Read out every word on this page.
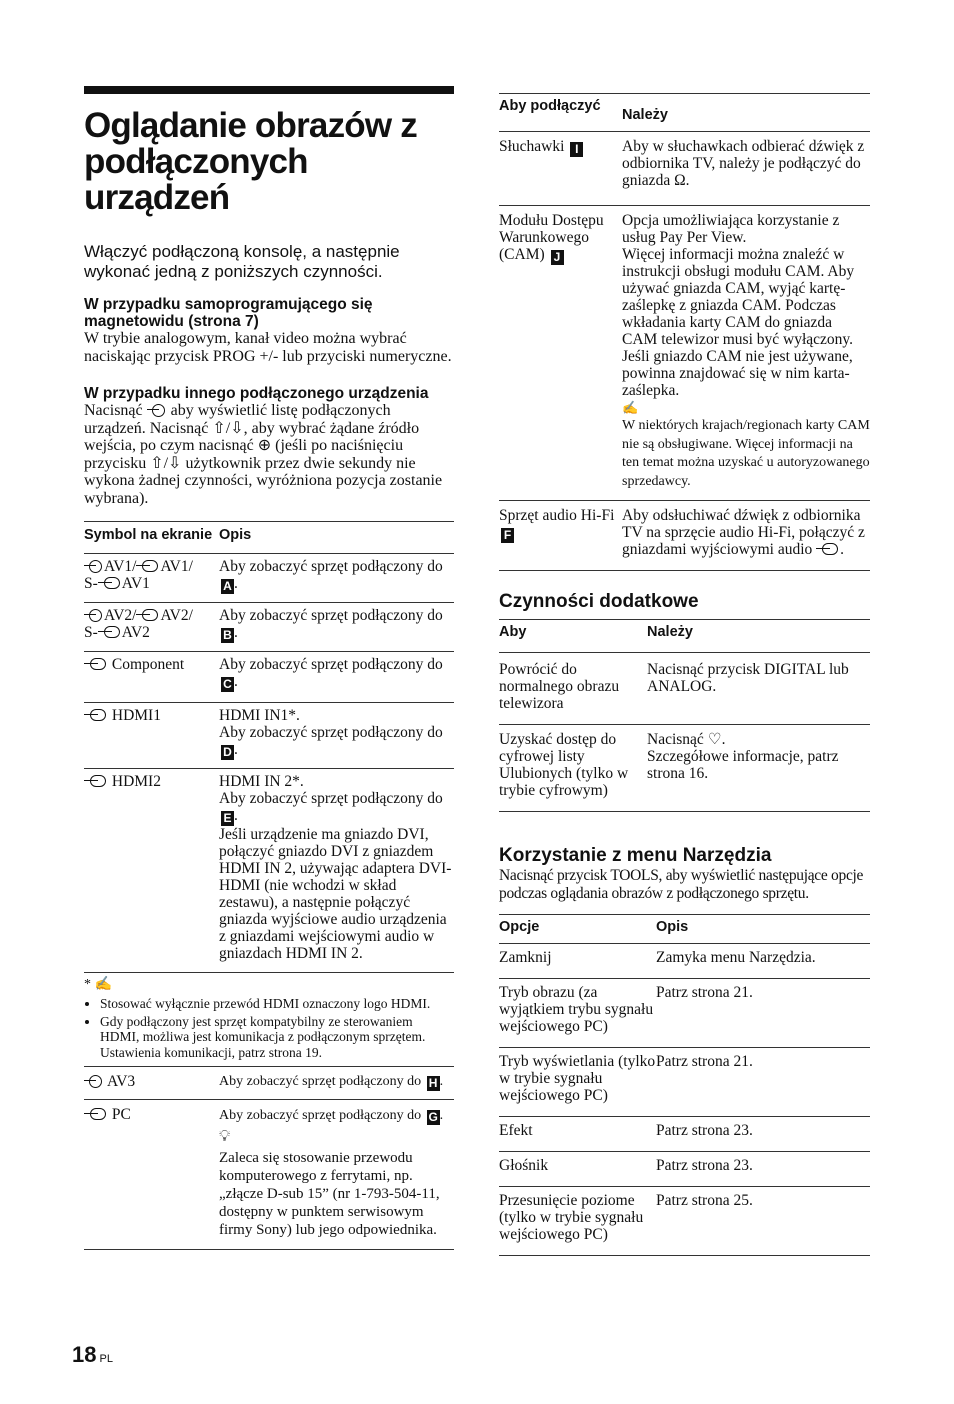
Oglądanie obrazów z podłączonych urządzeń
Włączyć podłączoną konsolę, a następnie wykonać jedną z poniższych czynności.
W przypadku samoprogramującego się magnetowidu (strona 7)

W trybie analogowym, kanał video można wybrać naciskając przycisk PROG +/- lub przyciski numeryczne.

W przypadku innego podłączonego urządzenia

Nacisnąć aby wyświetlić listę podłączonych urządzeń. Nacisnąć ⇧/⇩, aby wybrać żądane źródło wejścia, po czym nacisnąć ⊕ (jeśli po naciśnięciu przycisku ⇧/⇩ użytkownik przez dwie sekundy nie wykona żadnej czynności, wyróżniona pozycja zostanie wybrana).

Symbol na ekranie	Opis
AV1/ AV1/
S- AV1	Aby zobaczyć sprzęt podłączony do A .
AV2/ AV2/
S- AV2	Aby zobaczyć sprzęt podłączony do B .
Component	Aby zobaczyć sprzęt podłączony do C .
HDMI1	HDMI IN1*.
Aby zobaczyć sprzęt podłączony do D .
HDMI2	HDMI IN 2*.
Aby zobaczyć sprzęt podłączony do E .
Jeśli urządzenie ma gniazdo DVI, połączyć gniazdo DVI z gniazdem HDMI IN 2, używając adaptera DVI-HDMI (nie wchodzi w skład zestawu), a następnie połączyć gniazda wyjściowe audio urządzenia z gniazdami wejściowymi audio w gniazdach HDMI IN 2.
* ✍
• Stosować wyłącznie przewód HDMI oznaczony logo HDMI.
• Gdy podłączony jest sprzęt kompatybilny ze sterowaniem HDMI, możliwa jest komunikacja z podłączonym sprzętem. Ustawienia komunikacji, patrz strona 19.
AV3	Aby zobaczyć sprzęt podłączony do H .
PC	Aby zobaczyć sprzęt podłączony do G .
💡︎
Zaleca się stosowanie przewodu komputerowego z ferrytami, np. „złącze D-sub 15” (nr 1-793-504-11, dostępny w punktem serwisowym firmy Sony) lub jego odpowiednika.
Aby podłączyć	Należy
Słuchawki I	Aby w słuchawkach odbierać dźwięk z odbiornika TV, należy je podłączyć do gniazda Ω.
Modułu Dostępu Warunkowego (CAM) J	Opcja umożliwiająca korzystanie z usług Pay Per View.
Więcej informacji można znaleźć w instrukcji obsługi modułu CAM. Aby używać gniazda CAM, wyjąć kartę-zaślepkę z gniazda CAM. Podczas wkładania karty CAM do gniazda CAM telewizor musi być wyłączony. Jeśli gniazdo CAM nie jest używane, powinna znajdować się w nim karta-zaślepka.
✍
W niektórych krajach/regionach karty CAM nie są obsługiwane. Więcej informacji na ten temat można uzyskać u autoryzowanego sprzedawcy.
Sprzęt audio Hi-Fi F	Aby odsłuchiwać dźwięk z odbiornika TV na sprzęcie audio Hi-Fi, połączyć z gniazdami wyjściowymi audio .
Czynności dodatkowe
Aby	Należy
Powrócić do normalnego obrazu telewizora	Nacisnąć przycisk DIGITAL lub ANALOG.
Uzyskać dostęp do cyfrowej listy Ulubionych (tylko w trybie cyfrowym)	Nacisnąć ♡.
Szczegółowe informacje, patrz strona 16.
Korzystanie z menu Narzędzia

Nacisnąć przycisk TOOLS, aby wyświetlić następujące opcje podczas oglądania obrazów z podłączonego sprzętu.

Opcje	Opis
Zamknij	Zamyka menu Narzędzia.
Tryb obrazu (za wyjątkiem trybu sygnału wejściowego PC)	Patrz strona 21.
Tryb wyświetlania (tylko w trybie sygnału wejściowego PC)	Patrz strona 21.
Efekt	Patrz strona 23.
Głośnik	Patrz strona 23.
Przesunięcie poziome (tylko w trybie sygnału wejściowego PC)	Patrz strona 25.
18 PL
